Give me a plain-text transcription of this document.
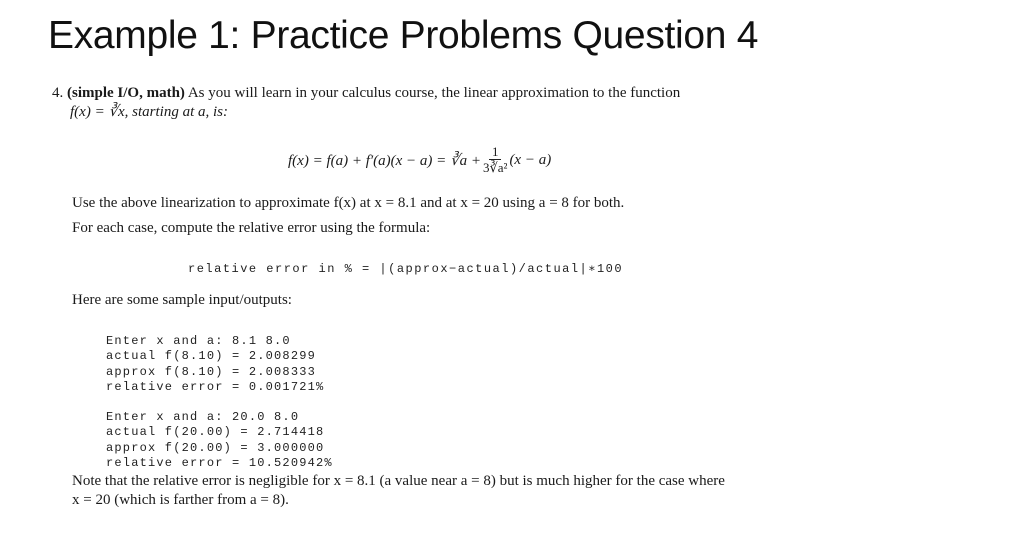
Example 1: Practice Problems Question 4
4. (simple I/O, math) As you will learn in your calculus course, the linear approximation to the function
f(x) = ∛x, starting at a, is:
f(x) = f(a) + f′(a)(x − a) = ∛a + $\frac{1}{\text{3∛a²}} (x - a)$
Use the above linearization to approximate f(x) at x = 8.1 and at x = 20 using a = 8 for both.
For each case, compute the relative error using the formula:
relative error in % = |(approx−actual)/actual|∗100
Here are some sample input/outputs:

Enter x and a: 8.1 8.0
actual f(8.10) = 2.008299
approx f(8.10) = 2.008333
relative error = 0.001721%

Enter x and a: 20.0 8.0
actual f(20.00) = 2.714418
approx f(20.00) = 3.000000
relative error = 10.520942%

Note that the relative error is negligible for x = 8.1 (a value near a = 8) but is much higher for the case where
x = 20 (which is farther from a = 8).
